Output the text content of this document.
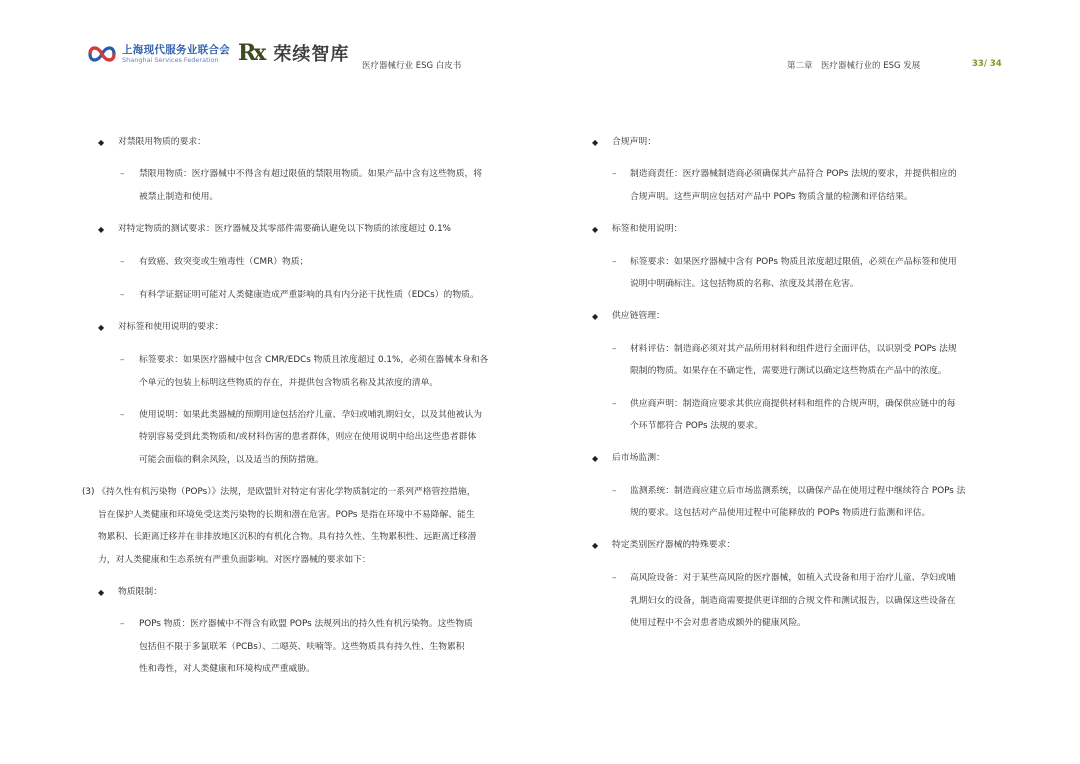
上海现代服务业联合会
Shanghai Services Federation Rx 荣续智库
医疗器械行业 ESG 白皮书	第二章　医疗器械行业的 ESG 发展	33/ 34
◆ 对禁限用物质的要求：
– 禁限用物质：医疗器械中不得含有超过限值的禁限用物质。如果产品中含有这些物质，将
被禁止制造和使用。
◆ 对特定物质的测试要求：医疗器械及其零部件需要确认避免以下物质的浓度超过 0.1%
– 有致癌、致突变或生殖毒性（CMR）物质；
– 有科学证据证明可能对人类健康造成严重影响的具有内分泌干扰性质（EDCs）的物质。
◆ 对标签和使用说明的要求：
– 标签要求：如果医疗器械中包含 CMR/EDCs 物质且浓度超过 0.1%，必须在器械本身和各
个单元的包装上标明这些物质的存在，并提供包含物质名称及其浓度的清单。
– 使用说明：如果此类器械的预期用途包括治疗儿童、孕妇或哺乳期妇女，以及其他被认为
特别容易受到此类物质和/或材料伤害的患者群体，则应在使用说明中给出这些患者群体
可能会面临的剩余风险，以及适当的预防措施。
(3) 《持久性有机污染物（POPs）》法规，是欧盟针对特定有害化学物质制定的一系列严格管控措施，
旨在保护人类健康和环境免受这类污染物的长期和潜在危害。POPs 是指在环境中不易降解、能生
物累积、长距离迁移并在非排放地区沉积的有机化合物。具有持久性、生物累积性、远距离迁移潜
力，对人类健康和生态系统有严重负面影响。对医疗器械的要求如下：
◆ 物质限制：
– POPs 物质：医疗器械中不得含有欧盟 POPs 法规列出的持久性有机污染物。这些物质
包括但不限于多氯联苯（PCBs）、二噁英、呋喃等。这些物质具有持久性、生物累积
性和毒性，对人类健康和环境构成严重威胁。
◆ 合规声明：
– 制造商责任：医疗器械制造商必须确保其产品符合 POPs 法规的要求，并提供相应的
合规声明。这些声明应包括对产品中 POPs 物质含量的检测和评估结果。
◆ 标签和使用说明：
– 标签要求：如果医疗器械中含有 POPs 物质且浓度超过限值，必须在产品标签和使用
说明中明确标注。这包括物质的名称、浓度及其潜在危害。
◆ 供应链管理：
– 材料评估：制造商必须对其产品所用材料和组件进行全面评估，以识别受 POPs 法规
限制的物质。如果存在不确定性，需要进行测试以确定这些物质在产品中的浓度。
– 供应商声明：制造商应要求其供应商提供材料和组件的合规声明，确保供应链中的每
个环节都符合 POPs 法规的要求。
◆ 后市场监测：
– 监测系统：制造商应建立后市场监测系统，以确保产品在使用过程中继续符合 POPs 法
规的要求。这包括对产品使用过程中可能释放的 POPs 物质进行监测和评估。
◆ 特定类别医疗器械的特殊要求：
– 高风险设备：对于某些高风险的医疗器械，如植入式设备和用于治疗儿童、孕妇或哺
乳期妇女的设备，制造商需要提供更详细的合规文件和测试报告，以确保这些设备在
使用过程中不会对患者造成额外的健康风险。
